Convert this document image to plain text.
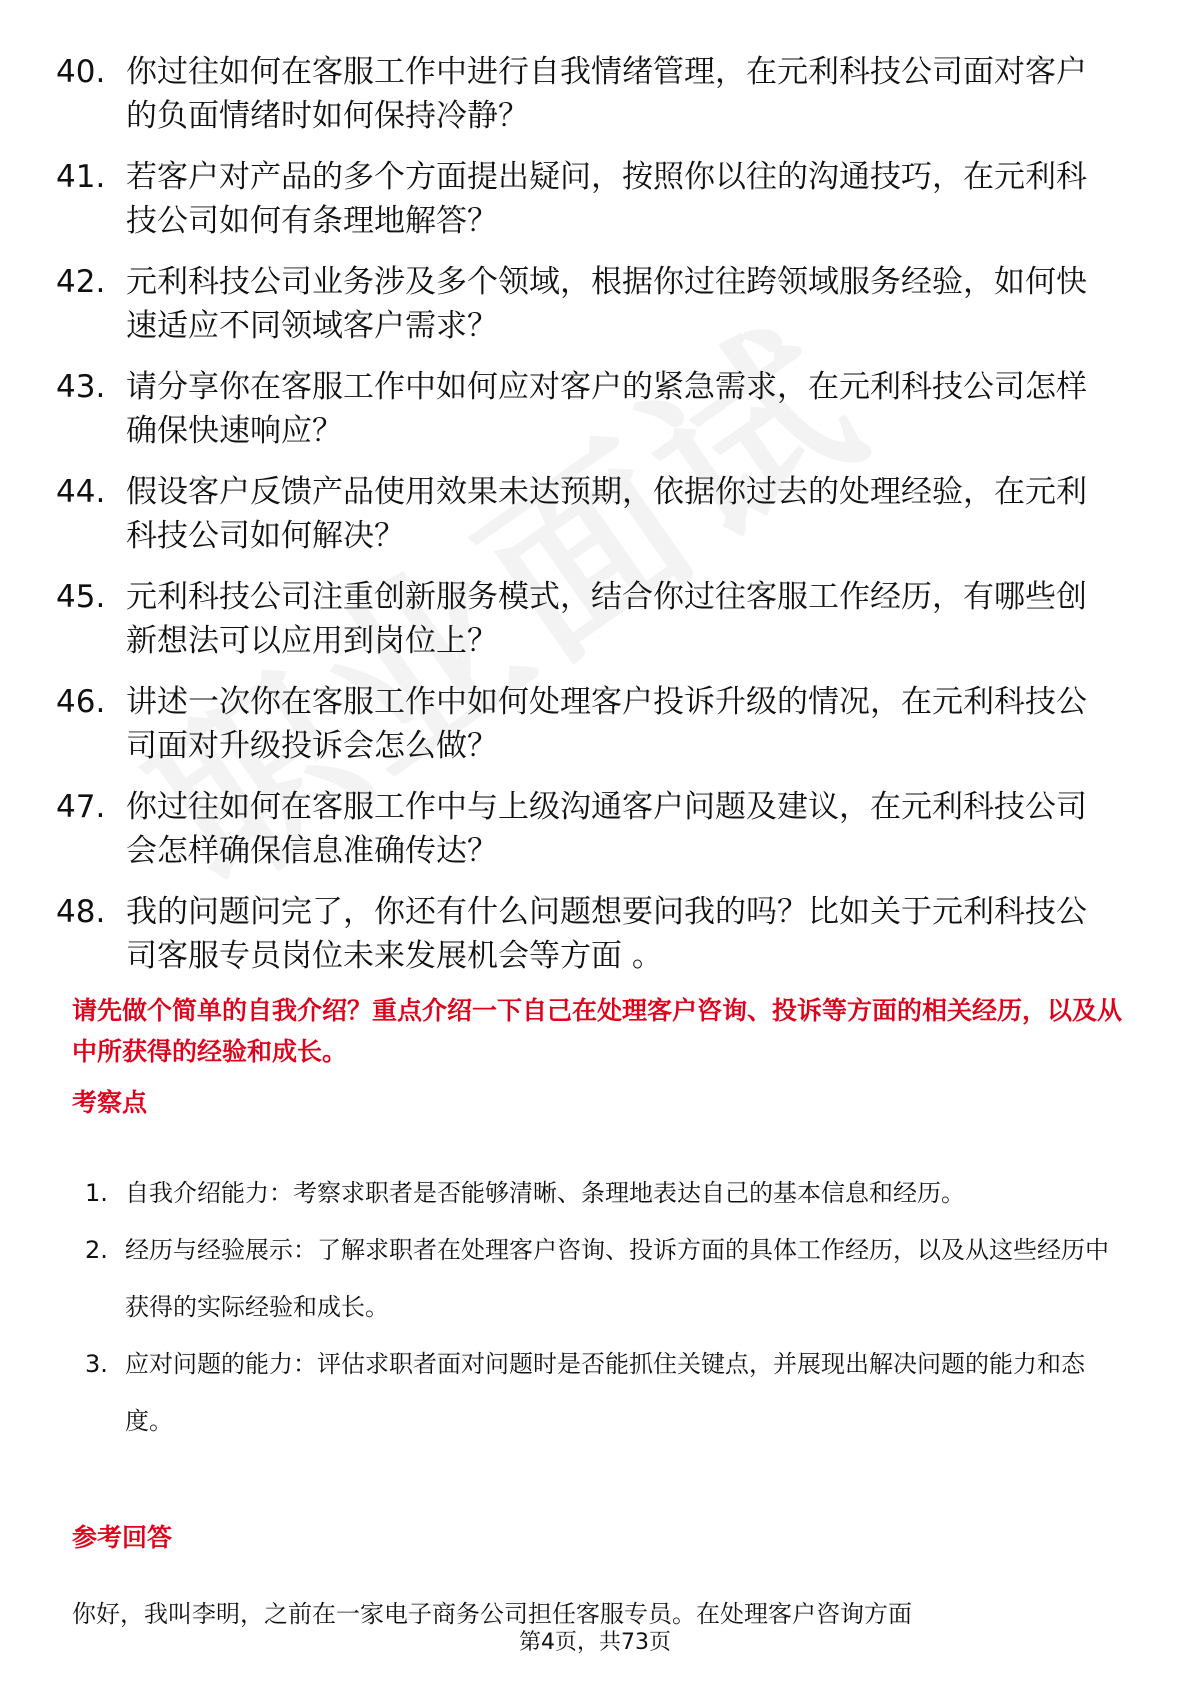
40. 你过往如何在客服工作中进行自我情绪管理，在元利科技公司面对客户的负面情绪时如何保持冷静？
41. 若客户对产品的多个方面提出疑问，按照你以往的沟通技巧，在元利科技公司如何有条理地解答？
42. 元利科技公司业务涉及多个领域，根据你过往跨领域服务经验，如何快速适应不同领域客户需求？
43. 请分享你在客服工作中如何应对客户的紧急需求，在元利科技公司怎样确保快速响应？
44. 假设客户反馈产品使用效果未达预期，依据你过去的处理经验，在元利科技公司如何解决？
45. 元利科技公司注重创新服务模式，结合你过往客服工作经历，有哪些创新想法可以应用到岗位上？
46. 讲述一次你在客服工作中如何处理客户投诉升级的情况，在元利科技公司面对升级投诉会怎么做？
47. 你过往如何在客服工作中与上级沟通客户问题及建议，在元利科技公司会怎样确保信息准确传达？
48. 我的问题问完了，你还有什么问题想要问我的吗？比如关于元利科技公司客服专员岗位未来发展机会等方面 。
请先做个简单的自我介绍？重点介绍一下自己在处理客户咨询、投诉等方面的相关经历，以及从中所获得的经验和成长。
考察点
1. 自我介绍能力：考察求职者是否能够清晰、条理地表达自己的基本信息和经历。
2. 经历与经验展示：了解求职者在处理客户咨询、投诉方面的具体工作经历，以及从这些经历中获得的实际经验和成长。
3. 应对问题的能力：评估求职者面对问题时是否能抓住关键点，并展现出解决问题的能力和态度。
参考回答
你好，我叫李明，之前在一家电子商务公司担任客服专员。在处理客户咨询方面
第4页，共73页
